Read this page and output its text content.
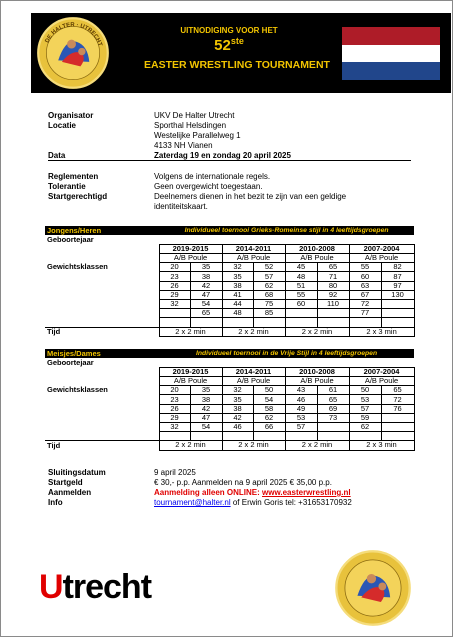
DE HALTER · UTRECHT
UITNODIGING VOOR HET
52ste
EASTER WRESTLING TOURNAMENT
Organisator	UKV De Halter Utrecht
Locatie	Sporthal Helsdingen
Westelijke Parallelweg 1
4133 NH Vianen
Data	Zaterdag 19 en zondag 20 april 2025
Reglementen	Volgens de internationale regels.
Tolerantie	Geen overgewicht toegestaan.
Startgerechtigd	Deelnemers dienen in het bezit te zijn van een geldige
identiteitskaart.
Jongens/Heren	Individueel toernooi Grieks-Romeinse stijl in 4 leeftijdsgroepen							
Geboortejaar								
	2019-2015		2014-2011		2010-2008		2007-2004	
	A/B Poule		A/B Poule		A/B Poule		A/B Poule	
Gewichtsklassen	20	35	32	52	45	65	55	82
	23	38	35	57	48	71	60	87
	26	42	38	62	51	80	63	97
	29	47	41	68	55	92	67	130
	32	54	44	75	60	110	72	
		65	48	85			77	

Tijd	2 x 2 min		2 x 2 min		2 x 2 min		2 x 3 min	
Meisjes/Dames	Individueel toernooi in de Vrije Stijl in 4 leeftijdsgroepen							
Geboortejaar								
	2019-2015		2014-2011		2010-2008		2007-2004	
	A/B Poule		A/B Poule		A/B Poule		A/B Poule	
Gewichtsklassen	20	35	32	50	43	61	50	65
	23	38	35	54	46	65	53	72
	26	42	38	58	49	69	57	76
	29	47	42	62	53	73	59	
	32	54	46	66	57		62	

Tijd	2 x 2 min		2 x 2 min		2 x 2 min		2 x 3 min	
Sluitingsdatum	9 april 2025
Startgeld	€ 30,- p.p. Aanmelden na 9 april 2025 € 35,00 p.p.
Aanmelden	Aanmelding alleen ONLINE: www.easterwrestling.nl
Info	tournament@halter.nl of Erwin Goris tel: +31653170932
Utrecht
